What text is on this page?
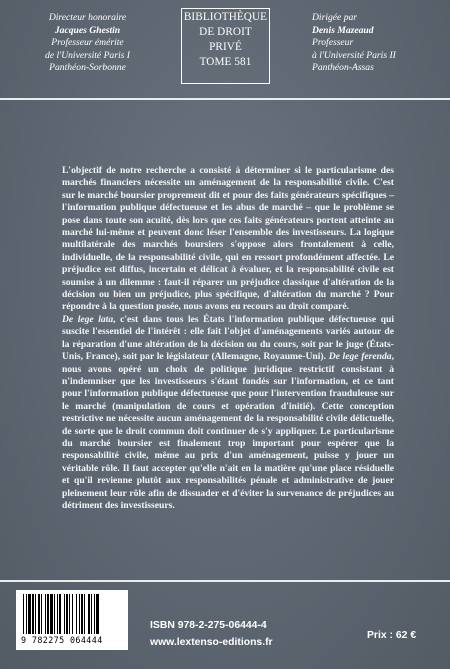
Directeur honoraire
Jacques Ghestin
Professeur émérite
de l'Université Paris I
Panthéon-Sorbonne
BIBLIOTHÈQUE
DE DROIT
PRIVÉ
TOME 581
Dirigée par
Denis Mazeaud
Professeur
à l'Université Paris II
Panthéon-Assas

L'objectif de notre recherche a consisté à déterminer si le particularisme des marchés financiers nécessite un aménagement de la responsabilité civile. C'est sur le marché boursier proprement dit et pour des faits générateurs spécifiques – l'information publique défectueuse et les abus de marché – que le problème se pose dans toute son acuité, dès lors que ces faits générateurs portent atteinte au marché lui-même et peuvent donc léser l'ensemble des investisseurs. La logique multilatérale des marchés boursiers s'oppose alors frontalement à celle, individuelle, de la responsabilité civile, qui en ressort profondément affectée. Le préjudice est diffus, incertain et délicat à évaluer, et la responsabilité civile est soumise à un dilemme : faut-il réparer un préjudice classique d'altération de la décision ou bien un préjudice, plus spécifique, d'altération du marché ? Pour répondre à la question posée, nous avons eu recours au droit comparé.

De lege lata, c'est dans tous les États l'information publique défectueuse qui suscite l'essentiel de l'intérêt : elle fait l'objet d'aménagements variés autour de la réparation d'une altération de la décision ou du cours, soit par le juge (États-Unis, France), soit par le législateur (Allemagne, Royaume-Uni). De lege ferenda, nous avons opéré un choix de politique juridique restrictif consistant à n'indemniser que les investisseurs s'étant fondés sur l'information, et ce tant pour l'information publique défectueuse que pour l'intervention frauduleuse sur le marché (manipulation de cours et opération d'initié). Cette conception restrictive ne nécessite aucun aménagement de la responsabilité civile délictuelle, de sorte que le droit commun doit continuer de s'y appliquer. Le particularisme du marché boursier est finalement trop important pour espérer que la responsabilité civile, même au prix d'un aménagement, puisse y jouer un véritable rôle. Il faut accepter qu'elle n'ait en la matière qu'une place résiduelle et qu'il revienne plutôt aux responsabilités pénale et administrative de jouer pleinement leur rôle afin de dissuader et d'éviter la survenance de préjudices au détriment des investisseurs.

9 782275 064444
ISBN 978-2-275-06444-4
www.lextenso-editions.fr
Prix : 62 €
